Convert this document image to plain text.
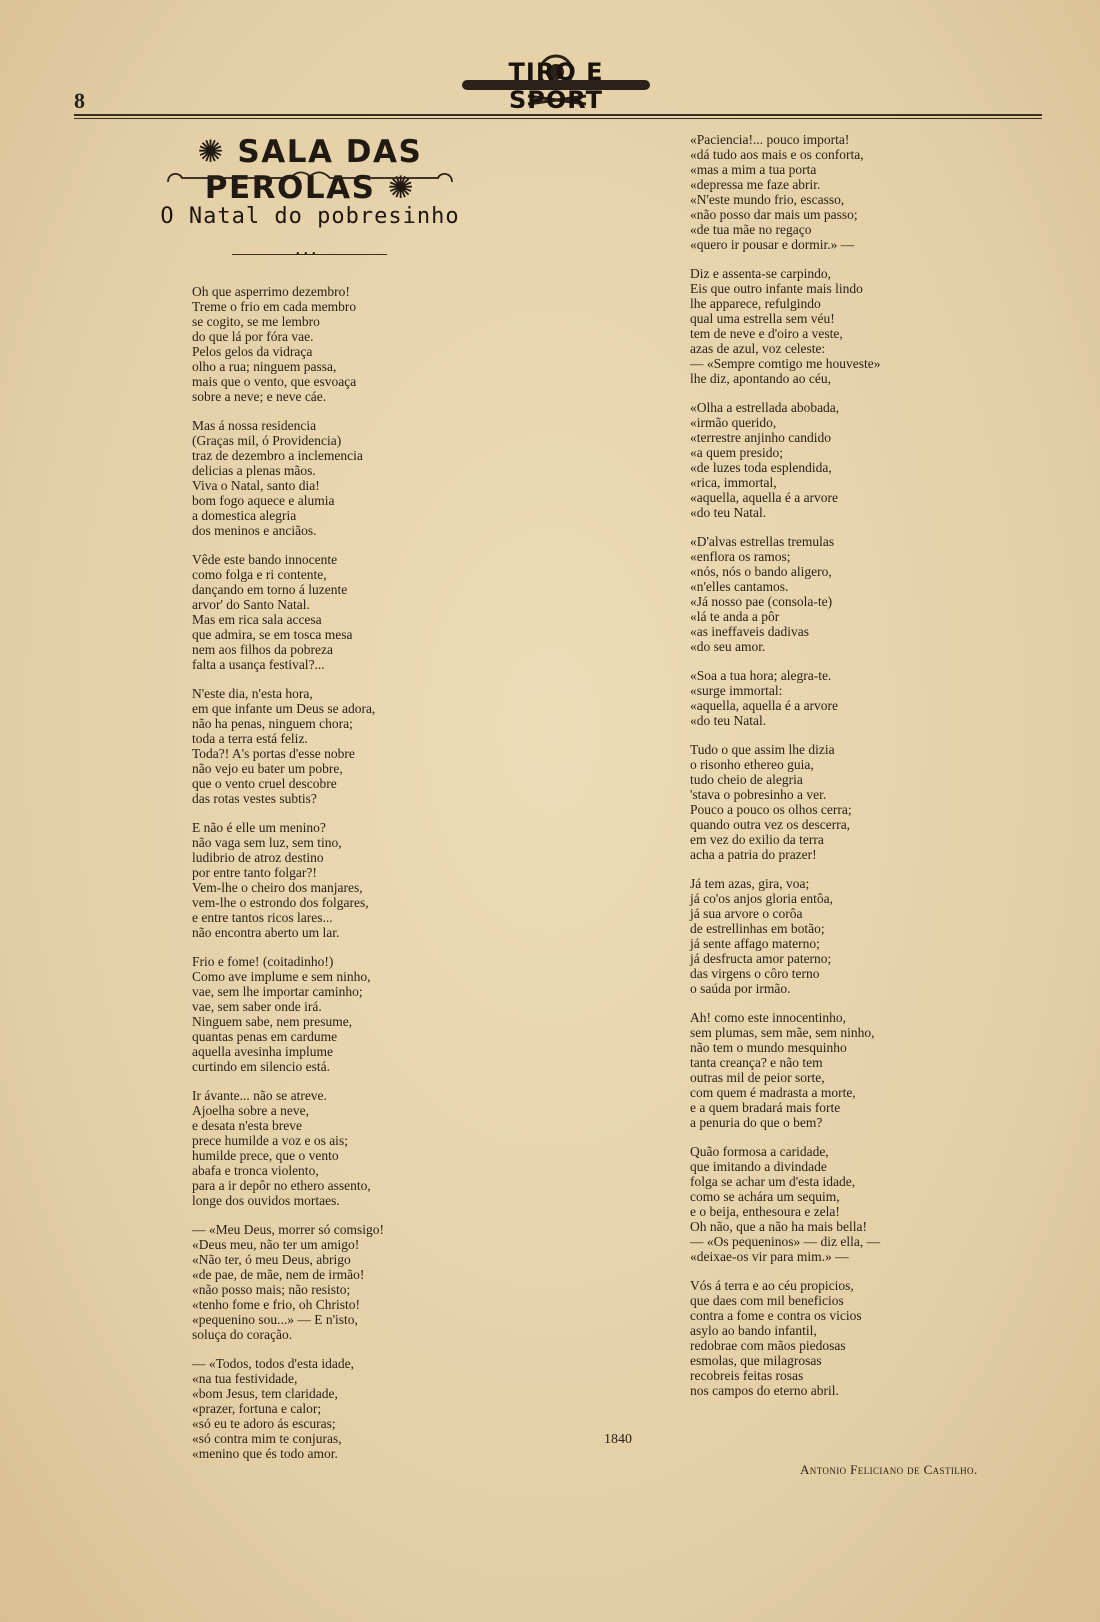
8
TIRO E SPORT
✺ SALA DAS PEROLAS ✺
O Natal do pobresinho
• • •
Oh que asperrimo dezembro!
Treme o frio em cada membro
se cogito, se me lembro
do que lá por fóra vae.
Pelos gelos da vidraça
olho a rua; ninguem passa,
mais que o vento, que esvoaça
sobre a neve; e neve cáe.
Mas á nossa residencia
(Graças mil, ó Providencia)
traz de dezembro a inclemencia
delicias a plenas mãos.
Viva o Natal, santo dia!
bom fogo aquece e alumia
a domestica alegria
dos meninos e anciãos.
Vêde este bando innocente
como folga e ri contente,
dançando em torno á luzente
arvor' do Santo Natal.
Mas em rica sala accesa
que admira, se em tosca mesa
nem aos filhos da pobreza
falta a usança festival?...
N'este dia, n'esta hora,
em que infante um Deus se adora,
não ha penas, ninguem chora;
toda a terra está feliz.
Toda?! A's portas d'esse nobre
não vejo eu bater um pobre,
que o vento cruel descobre
das rotas vestes subtis?
E não é elle um menino?
não vaga sem luz, sem tino,
ludibrio de atroz destino
por entre tanto folgar?!
Vem-lhe o cheiro dos manjares,
vem-lhe o estrondo dos folgares,
e entre tantos ricos lares...
não encontra aberto um lar.
Frio e fome! (coitadinho!)
Como ave implume e sem ninho,
vae, sem lhe importar caminho;
vae, sem saber onde irá.
Ninguem sabe, nem presume,
quantas penas em cardume
aquella avesinha implume
curtindo em silencio está.
Ir ávante... não se atreve.
Ajoelha sobre a neve,
e desata n'esta breve
prece humilde a voz e os ais;
humilde prece, que o vento
abafa e tronca violento,
para a ir depôr no ethero assento,
longe dos ouvidos mortaes.
— «Meu Deus, morrer só comsigo!
«Deus meu, não ter um amigo!
«Não ter, ó meu Deus, abrigo
«de pae, de mãe, nem de irmão!
«não posso mais; não resisto;
«tenho fome e frio, oh Christo!
«pequenino sou...» — E n'isto,
soluça do coração.
— «Todos, todos d'esta idade,
«na tua festividade,
«bom Jesus, tem claridade,
«prazer, fortuna e calor;
«só eu te adoro ás escuras;
«só contra mim te conjuras,
«menino que és todo amor.
«Paciencia!... pouco importa!
«dá tudo aos mais e os conforta,
«mas a mim a tua porta
«depressa me faze abrir.
«N'este mundo frio, escasso,
«não posso dar mais um passo;
«de tua mãe no regaço
«quero ir pousar e dormir.» —
Diz e assenta-se carpindo,
Eis que outro infante mais lindo
lhe apparece, refulgindo
qual uma estrella sem véu!
tem de neve e d'oiro a veste,
azas de azul, voz celeste:
— «Sempre comtigo me houveste»
lhe diz, apontando ao céu,
«Olha a estrellada abobada,
«irmão querido,
«terrestre anjinho candido
«a quem presido;
«de luzes toda esplendida,
«rica, immortal,
«aquella, aquella é a arvore
«do teu Natal.
«D'alvas estrellas tremulas
«enflora os ramos;
«nós, nós o bando aligero,
«n'elles cantamos.
«Já nosso pae (consola-te)
«lá te anda a pôr
«as ineffaveis dadivas
«do seu amor.
«Soa a tua hora; alegra-te.
«surge immortal:
«aquella, aquella é a arvore
«do teu Natal.
Tudo o que assim lhe dizia
o risonho ethereo guia,
tudo cheio de alegria
'stava o pobresinho a ver.
Pouco a pouco os olhos cerra;
quando outra vez os descerra,
em vez do exilio da terra
acha a patria do prazer!
Já tem azas, gira, voa;
já co'os anjos gloria entôa,
já sua arvore o corôa
de estrellinhas em botão;
já sente affago materno;
já desfructa amor paterno;
das virgens o côro terno
o saúda por irmão.
Ah! como este innocentinho,
sem plumas, sem mãe, sem ninho,
não tem o mundo mesquinho
tanta creança? e não tem
outras mil de peior sorte,
com quem é madrasta a morte,
e a quem bradará mais forte
a penuria do que o bem?
Quão formosa a caridade,
que imitando a divindade
folga se achar um d'esta idade,
como se achára um sequim,
e o beija, enthesoura e zela!
Oh não, que a não ha mais bella!
— «Os pequeninos» — diz ella, —
«deixae-os vir para mim.» —
Vós á terra e ao céu propicios,
que daes com mil beneficios
contra a fome e contra os vicios
asylo ao bando infantil,
redobrae com mãos piedosas
esmolas, que milagrosas
recobreis feitas rosas
nos campos do eterno abril.
1840
Antonio Feliciano de Castilho.
